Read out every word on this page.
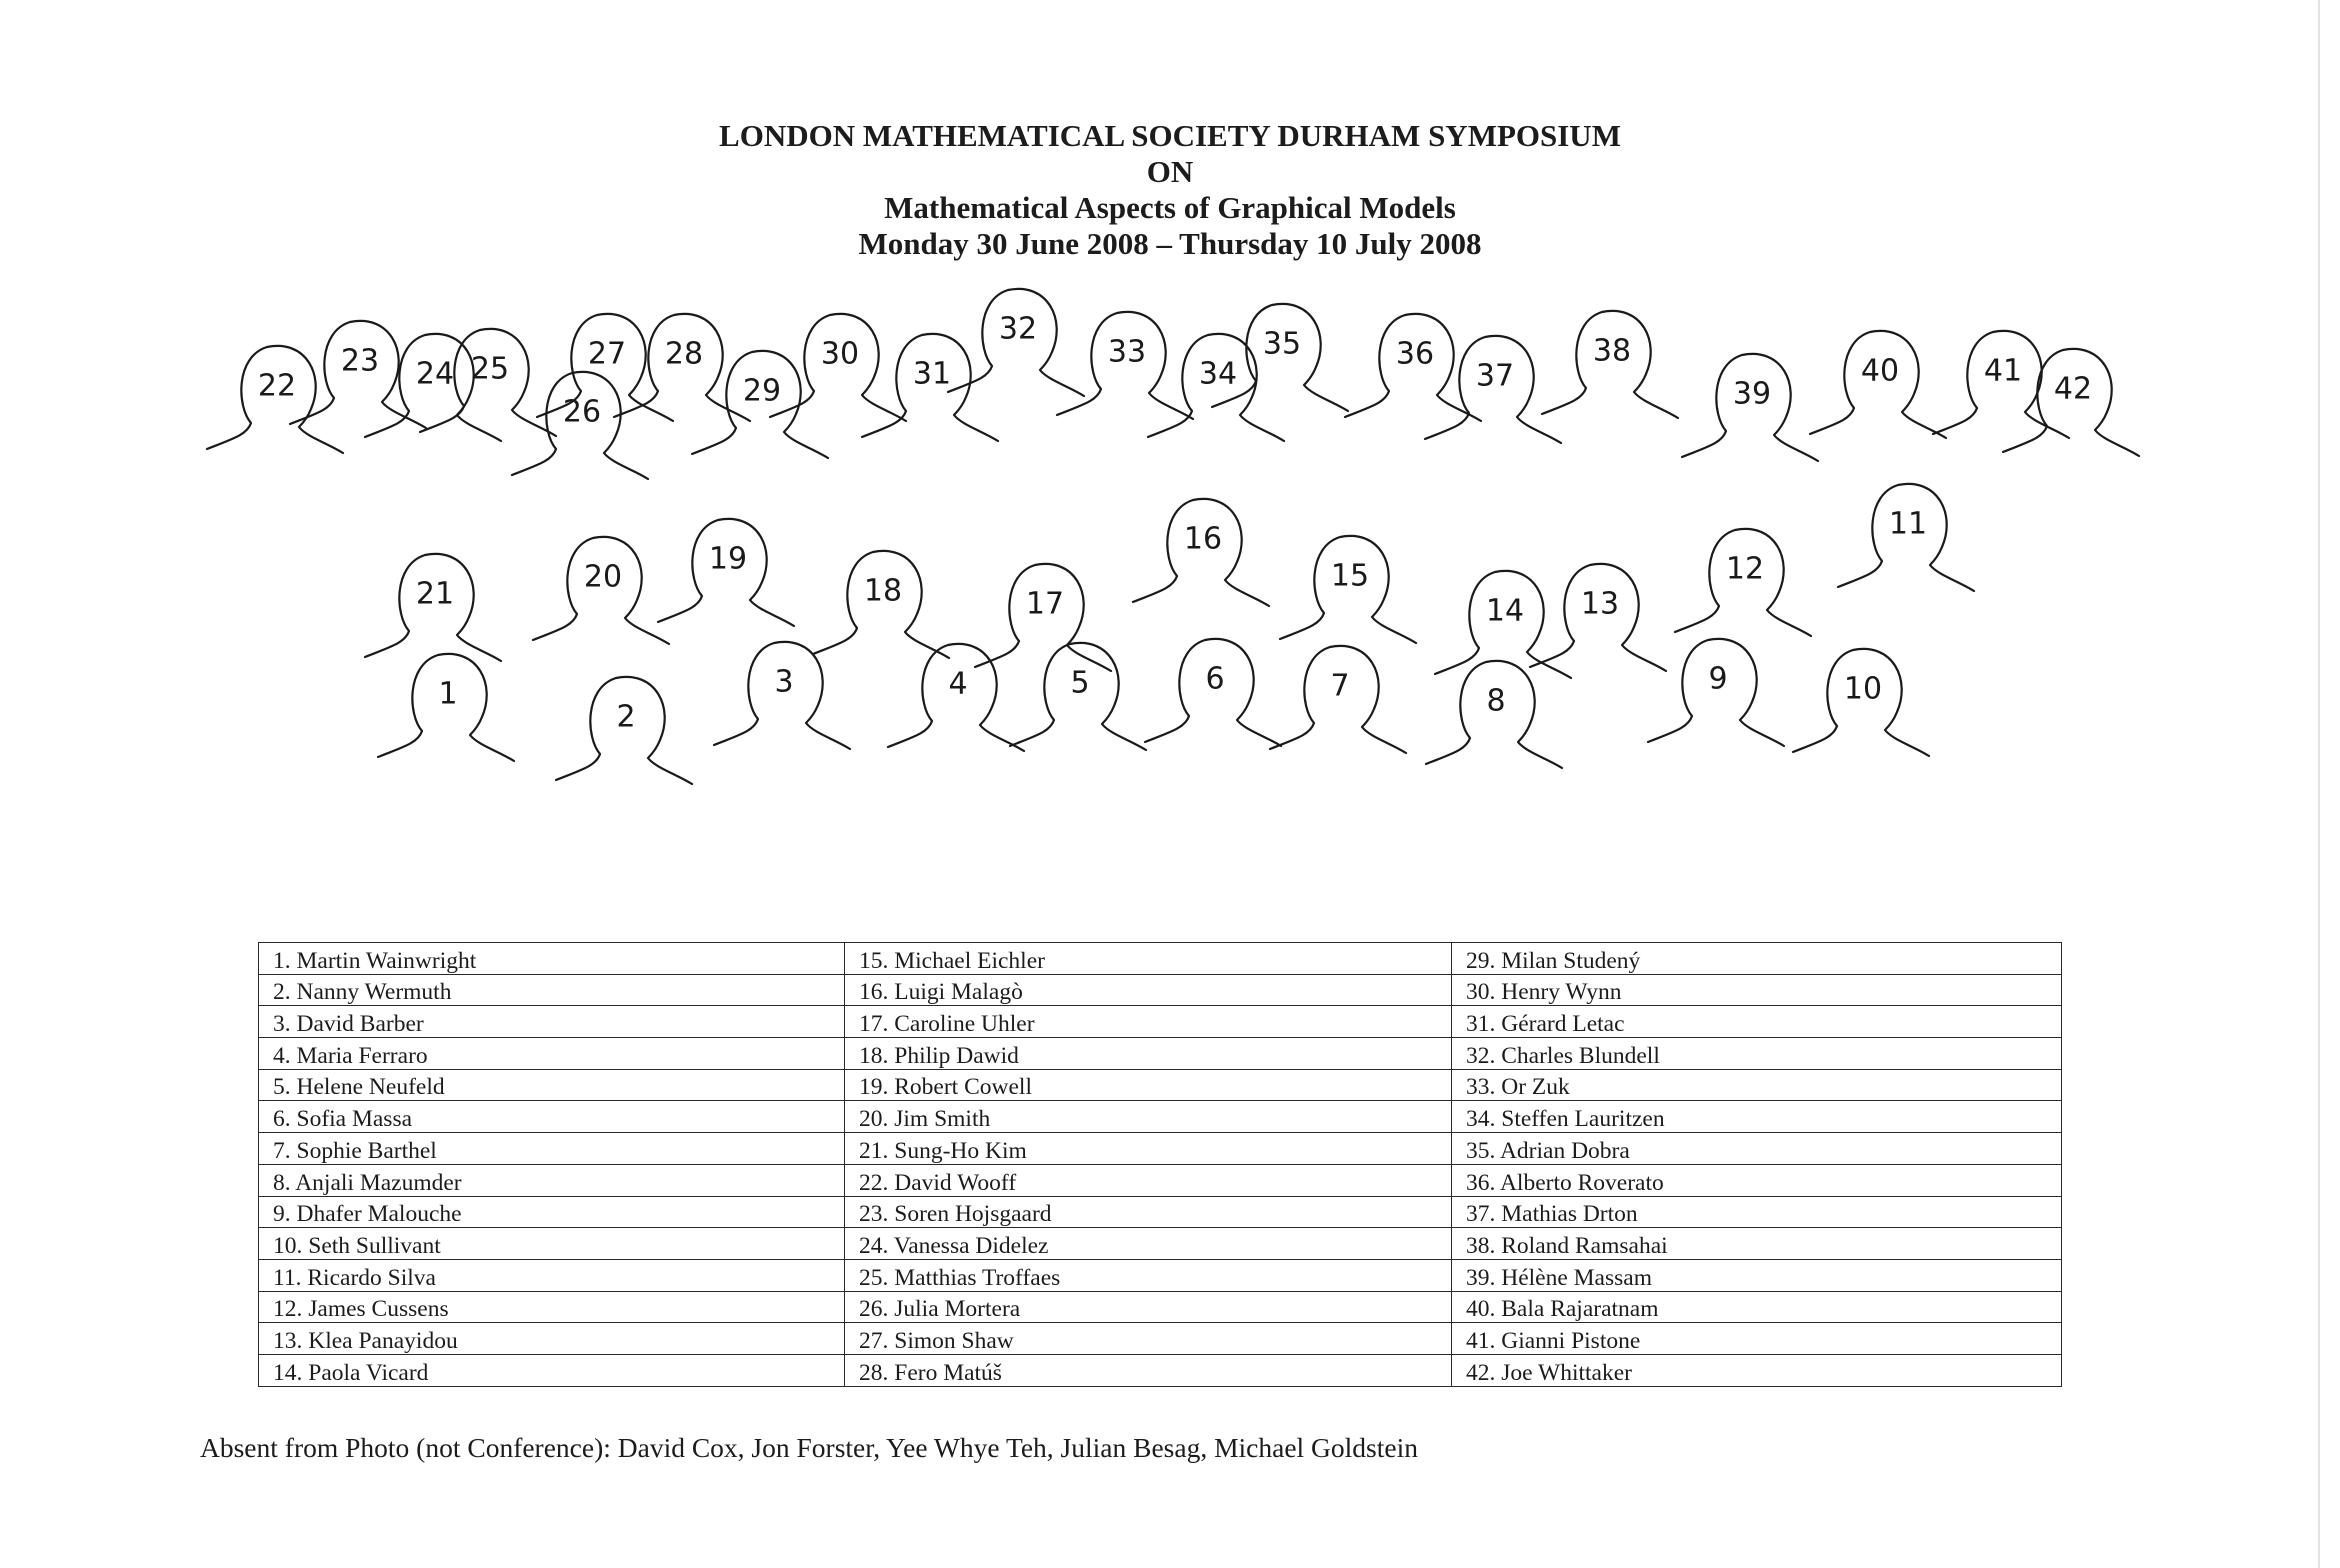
LONDON MATHEMATICAL SOCIETY DURHAM SYMPOSIUM
ON
Mathematical Aspects of Graphical Models
Monday 30 June 2008 – Thursday 10 July 2008
1
2
3	4	5	6	7	8
9	10
11
12
13
14
15
16
17
18
19
20
21
22
23 24 25
26
27 28
29
30
31
32
33
34
35	36
37
38
39
40	41
42
1. Martin Wainwright	15. Michael Eichler	29. Milan Studený
2. Nanny Wermuth	16. Luigi Malagò	30. Henry Wynn
3. David Barber	17. Caroline Uhler	31. Gérard Letac
4. Maria Ferraro	18. Philip Dawid	32. Charles Blundell
5. Helene Neufeld	19. Robert Cowell	33. Or Zuk
6. Sofia Massa	20. Jim Smith	34. Steffen Lauritzen
7. Sophie Barthel	21. Sung-Ho Kim	35. Adrian Dobra
8. Anjali Mazumder	22. David Wooff	36. Alberto Roverato
9. Dhafer Malouche	23. Soren Hojsgaard	37. Mathias Drton
10. Seth Sullivant	24. Vanessa Didelez	38. Roland Ramsahai
11. Ricardo Silva	25. Matthias Troffaes	39. Hélène Massam
12. James Cussens	26. Julia Mortera	40. Bala Rajaratnam
13. Klea Panayidou	27. Simon Shaw	41. Gianni Pistone
14. Paola Vicard	28. Fero Matúš	42. Joe Whittaker
Absent from Photo (not Conference): David Cox, Jon Forster, Yee Whye Teh, Julian Besag, Michael Goldstein
